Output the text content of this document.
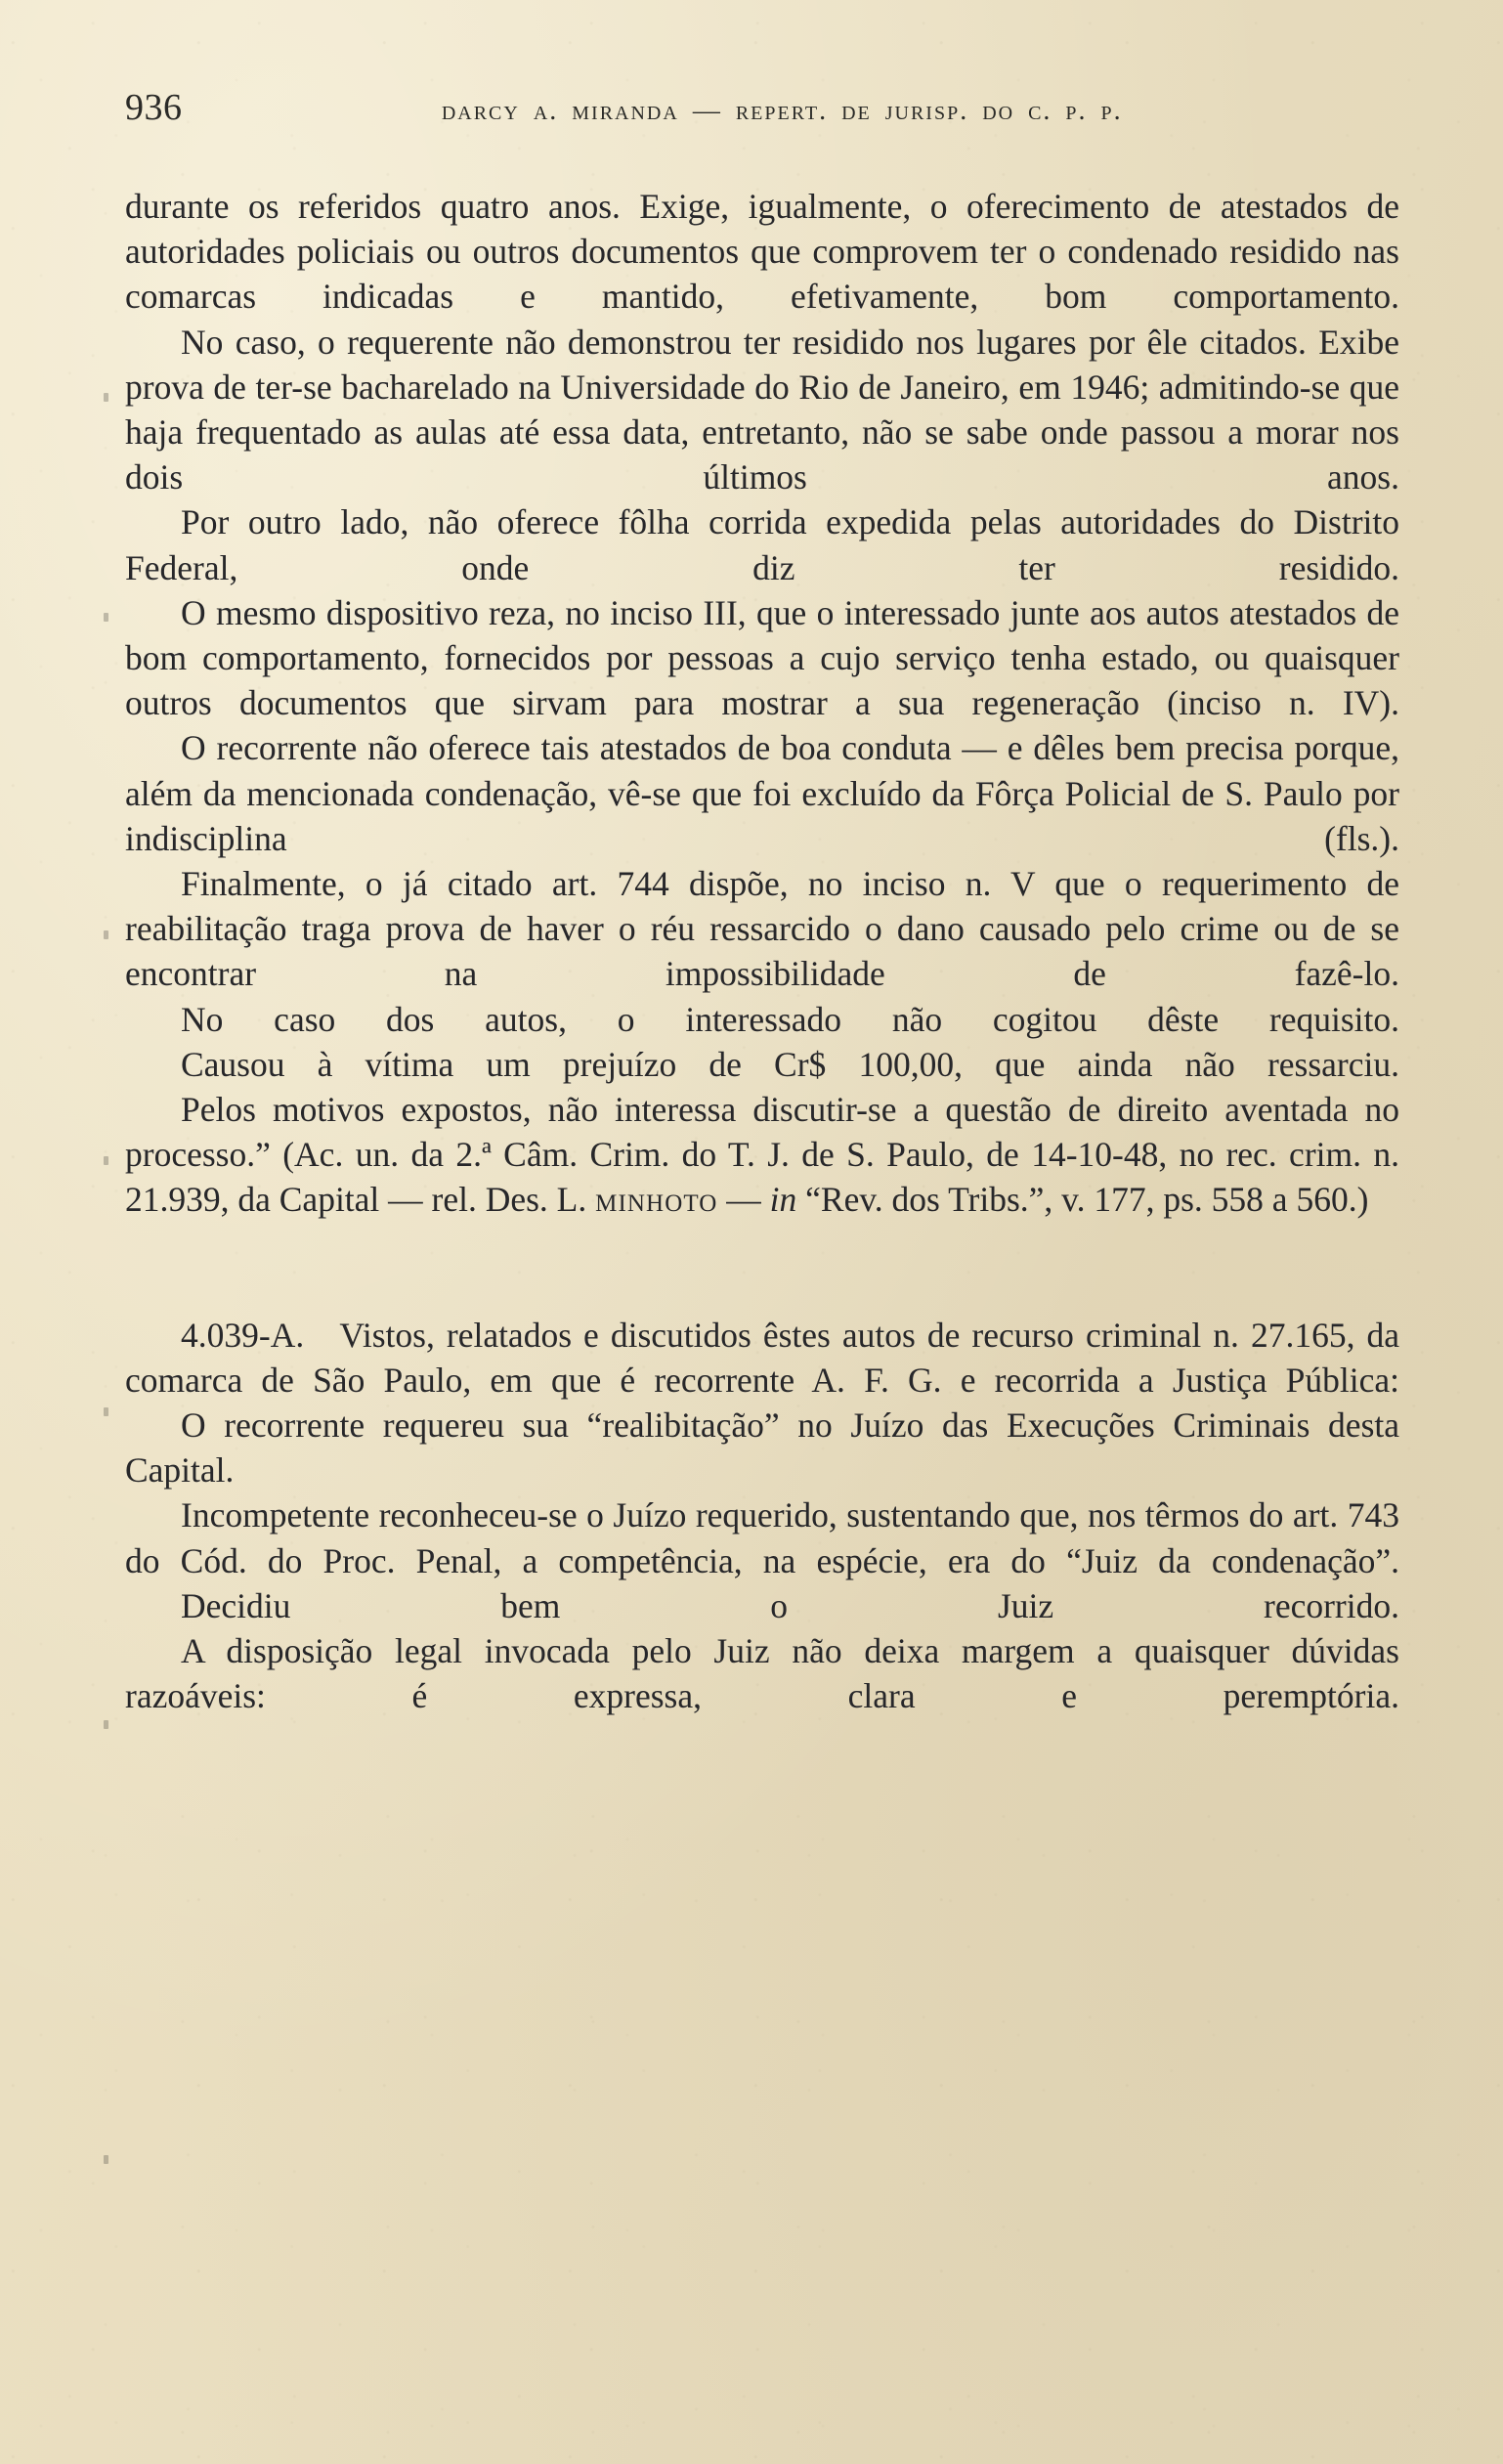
936	darcy a. miranda — repert. de jurisp. do c. p. p.

durante os referidos quatro anos. Exige, igualmente, o oferecimento de atestados de autoridades policiais ou outros documentos que comprovem ter o condenado residido nas comarcas indicadas e mantido, efetivamente, bom comportamento.

No caso, o requerente não demonstrou ter residido nos lugares por êle citados. Exibe prova de ter-se bacharelado na Universidade do Rio de Janeiro, em 1946; admitindo-se que haja frequentado as aulas até essa data, entretanto, não se sabe onde passou a morar nos dois últimos anos.

Por outro lado, não oferece fôlha corrida expedida pelas autoridades do Distrito Federal, onde diz ter residido.

O mesmo dispositivo reza, no inciso III, que o interessado junte aos autos atestados de bom comportamento, fornecidos por pessoas a cujo serviço tenha estado, ou quaisquer outros documentos que sirvam para mostrar a sua regeneração (inciso n. IV).

O recorrente não oferece tais atestados de boa conduta — e dêles bem precisa porque, além da mencionada condenação, vê-se que foi excluído da Fôrça Policial de S. Paulo por indisciplina (fls.).

Finalmente, o já citado art. 744 dispõe, no inciso n. V que o requerimento de reabilitação traga prova de haver o réu ressarcido o dano causado pelo crime ou de se encontrar na impossibilidade de fazê-lo.

No caso dos autos, o interessado não cogitou dêste requisito.

Causou à vítima um prejuízo de Cr$ 100,00, que ainda não ressarciu.

Pelos motivos expostos, não interessa discutir-se a questão de direito aventada no processo.” (Ac. un. da 2.ª Câm. Crim. do T. J. de S. Paulo, de 14-10-48, no rec. crim. n. 21.939, da Capital — rel. Des. L. minhoto — in “Rev. dos Tribs.”, v. 177, ps. 558 a 560.)

4.039-A. Vistos, relatados e discutidos êstes autos de recurso criminal n. 27.165, da comarca de São Paulo, em que é recorrente A. F. G. e recorrida a Justiça Pública:

O recorrente requereu sua “realibitação” no Juízo das Execuções Criminais desta Capital.

Incompetente reconheceu-se o Juízo requerido, sustentando que, nos têrmos do art. 743 do Cód. do Proc. Penal, a competência, na espécie, era do “Juiz da condenação”.

Decidiu bem o Juiz recorrido.

A disposição legal invocada pelo Juiz não deixa margem a quaisquer dúvidas razoáveis: é expressa, clara e peremptória.
